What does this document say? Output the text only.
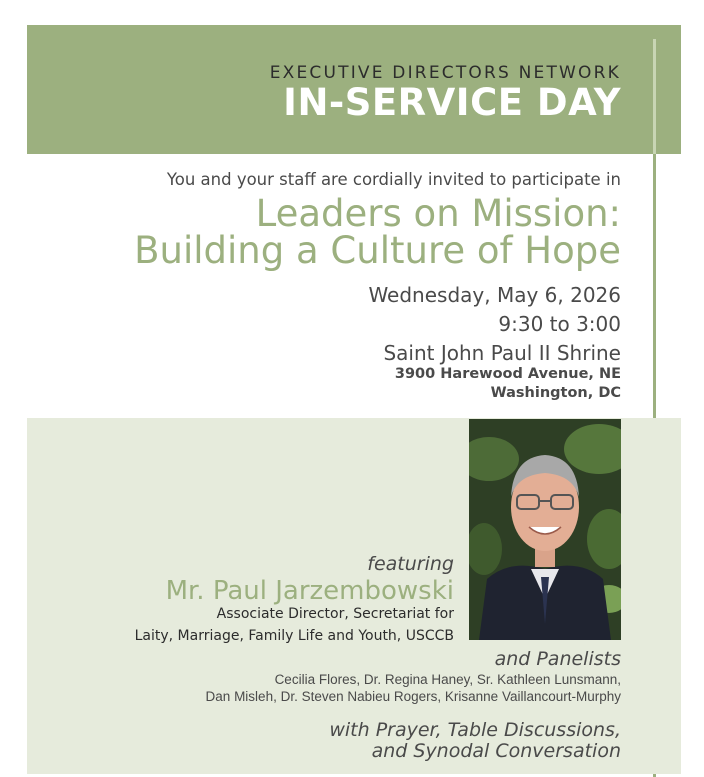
EXECUTIVE DIRECTORS NETWORK
IN-SERVICE DAY
You and your staff are cordially invited to participate in
Leaders on Mission:
Building a Culture of Hope
Wednesday, May 6, 2026
9:30 to 3:00
Saint John Paul II Shrine
3900 Harewood Avenue, NE
Washington, DC
featuring
Mr. Paul Jarzembowski
Associate Director, Secretariat for
Laity, Marriage, Family Life and Youth, USCCB
and Panelists
Cecilia Flores, Dr. Regina Haney, Sr. Kathleen Lunsmann,
Dan Misleh, Dr. Steven Nabieu Rogers, Krisanne Vaillancourt-Murphy
with Prayer, Table Discussions,
and Synodal Conversation
